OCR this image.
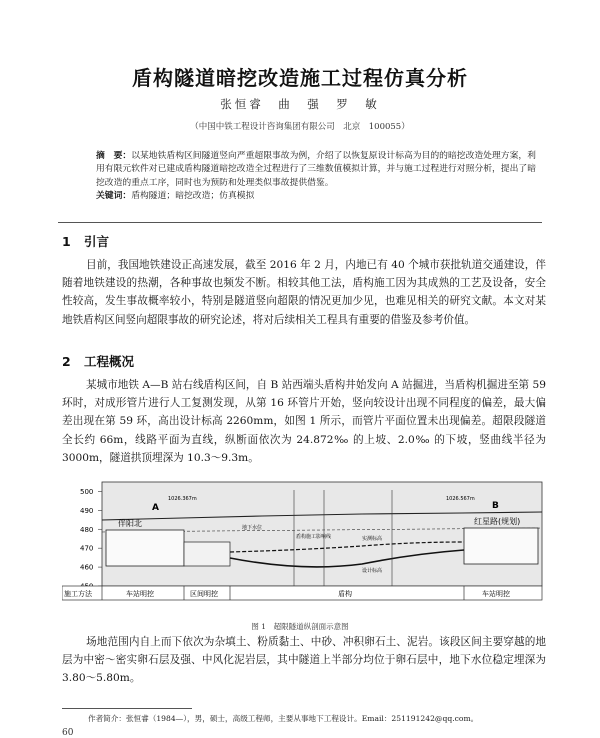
盾构隧道暗挖改造施工过程仿真分析
张恒睿　曲　强　罗　敏
（中国中铁工程设计咨询集团有限公司　北京　100055）
摘　要：以某地铁盾构区间隧道竖向严重超限事故为例，介绍了以恢复原设计标高为目的的暗挖改造处理方案，利用有限元软件对已建成盾构隧道暗挖改造全过程进行了三维数值模拟计算，并与施工过程进行对照分析，提出了暗挖改造的重点工序，同时也为预防和处理类似事故提供借鉴。
关键词：盾构隧道；暗挖改造；仿真模拟
1 引言
目前，我国地铁建设正高速发展，截至 2016 年 2 月，内地已有 40 个城市获批轨道交通建设，伴随着地铁建设的热潮，各种事故也频发不断。相较其他工法，盾构施工因为其成熟的工艺及设备，安全性较高，发生事故概率较小，特别是隧道竖向超限的情况更加少见，也难见相关的研究文献。本文对某地铁盾构区间竖向超限事故的研究论述，将对后续相关工程具有重要的借鉴及参考价值。
2 工程概况
某城市地铁 A—B 站右线盾构区间，自 B 站西端头盾构井始发向 A 站掘进，当盾构机掘进至第 59 环时，对成形管片进行人工复测发现，从第 16 环管片开始，竖向较设计出现不同程度的偏差，最大偏差出现在第 59 环，高出设计标高 2260mm，如图 1 所示，而管片平面位置未出现偏差。超限段隧道全长约 66m，线路平面为直线，纵断面依次为 24.872‰ 的上坡、2.0‰ 的下坡，竖曲线半径为 3000m，隧道拱顶埋深为 10.3～9.3m。
500
490
480
470
460
A	B
伴阳北	红星路(规划)
1026.367m	1026.567m
盾构施工影响线
设计标高
地下水位
实测标高
施工方法	车站明挖	区间明挖	盾构	车站明挖
图 1　超限隧道纵剖面示意图
场地范围内自上而下依次为杂填土、粉质黏土、中砂、冲积卵石土、泥岩。该段区间主要穿越的地层为中密～密实卵石层及强、中风化泥岩层，其中隧道上半部分均位于卵石层中，地下水位稳定埋深为 3.80～5.80m。
作者简介：张恒睿（1984—），男，硕士，高级工程师，主要从事地下工程设计。Email：251191242@qq.com。
60
